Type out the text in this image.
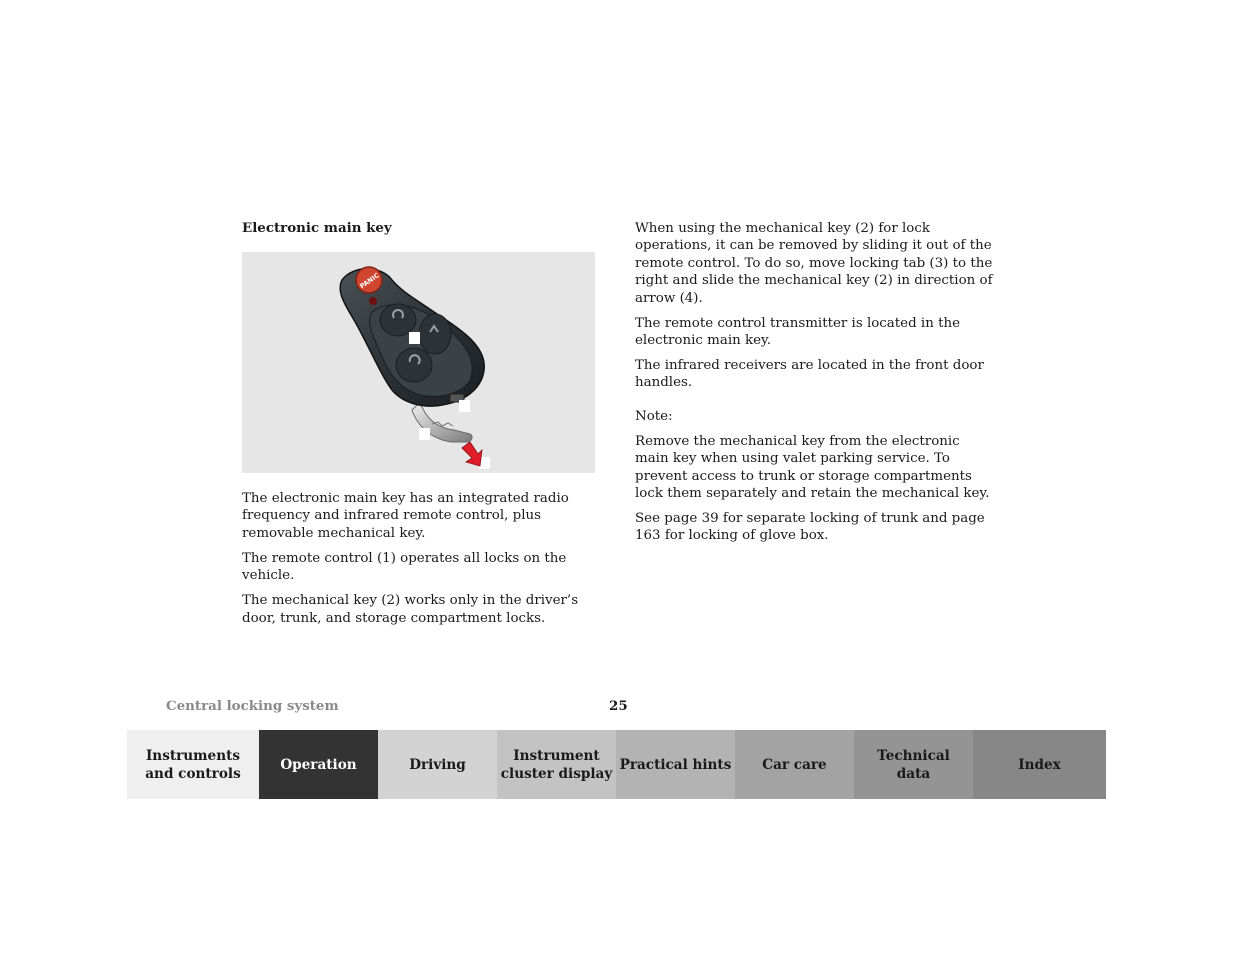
Electronic main key
PANIC

The electronic main key has an integrated radio frequency and infrared remote control, plus removable mechanical key.

The remote control (1) operates all locks on the vehicle.

The mechanical key (2) works only in the driver’s door, trunk, and storage compartment locks.

When using the mechanical key (2) for lock operations, it can be removed by sliding it out of the remote control. To do so, move locking tab (3) to the right and slide the mechanical key (2) in direction of arrow (4).

The remote control transmitter is located in the electronic main key.

The infrared receivers are located in the front door handles.

Note:

Remove the mechanical key from the electronic main key when using valet parking service. To prevent access to trunk or storage compartments lock them separately and retain the mechanical key.

See page 39 for separate locking of trunk and page 163 for locking of glove box.

Central locking system	25
Instruments
and controls
Operation	Driving
Instrument
cluster display
Practical hints Car care
Technical
data
Index
